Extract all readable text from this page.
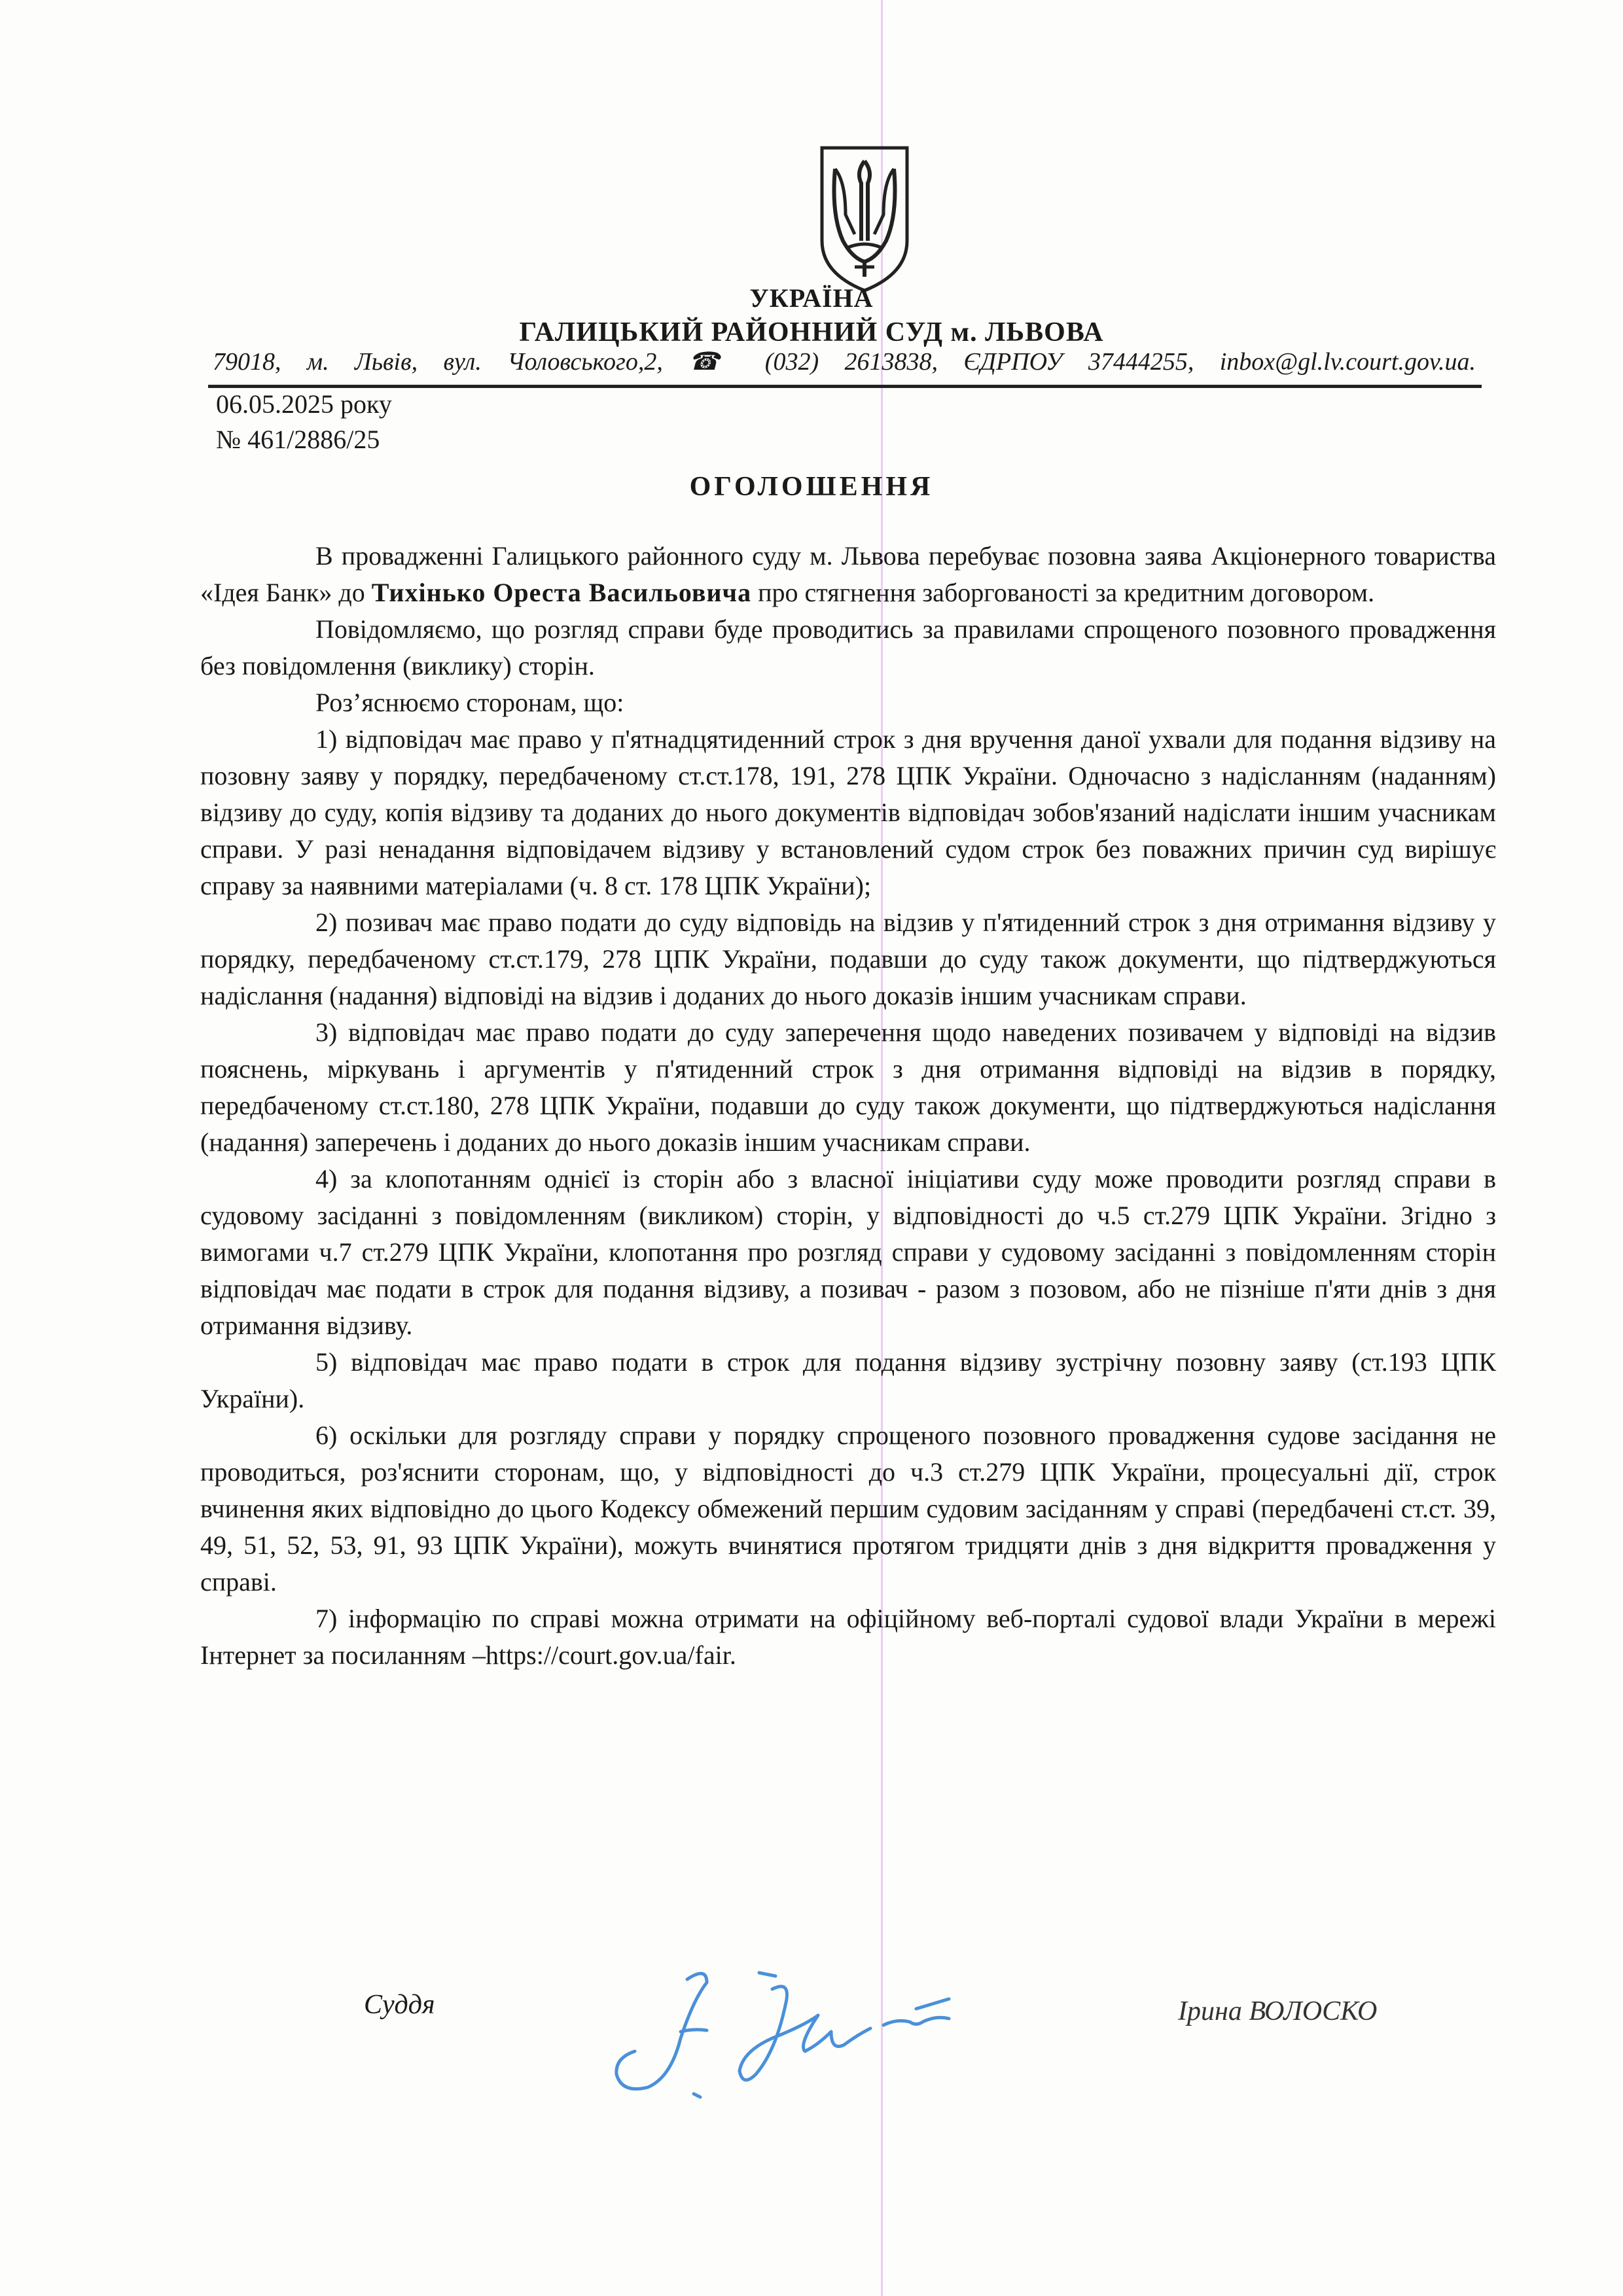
УКРАЇНА
ГАЛИЦЬКИЙ РАЙОННИЙ СУД м. ЛЬВОВА
79018, м. Львів, вул. Чоловського,2, ☎ (032) 2613838, ЄДРПОУ 37444255, inbox@gl.lv.court.gov.ua.
06.05.2025 року
№ 461/2886/25
ОГОЛОШЕННЯ

В провадженні Галицького районного суду м. Львова перебуває позовна заява Акціонерного товариства «Ідея Банк» до Тихінько Ореста Васильовича про стягнення заборгованості за кредитним договором.

Повідомляємо, що розгляд справи буде проводитись за правилами спрощеного позовного провадження без повідомлення (виклику) сторін.

Роз’яснюємо сторонам, що:

1) відповідач має право у п'ятнадцятиденний строк з дня вручення даної ухвали для подання відзиву на позовну заяву у порядку, передбаченому ст.ст.178, 191, 278 ЦПК України. Одночасно з надісланням (наданням) відзиву до суду, копія відзиву та доданих до нього документів відповідач зобов'язаний надіслати іншим учасникам справи. У разі ненадання відповідачем відзиву у встановлений судом строк без поважних причин суд вирішує справу за наявними матеріалами (ч. 8 ст. 178 ЦПК України);

2) позивач має право подати до суду відповідь на відзив у п'ятиденний строк з дня отримання відзиву у порядку, передбаченому ст.ст.179, 278 ЦПК України, подавши до суду також документи, що підтверджуються надіслання (надання) відповіді на відзив і доданих до нього доказів іншим учасникам справи.

3) відповідач має право подати до суду заперечення щодо наведених позивачем у відповіді на відзив пояснень, міркувань і аргументів у п'ятиденний строк з дня отримання відповіді на відзив в порядку, передбаченому ст.ст.180, 278 ЦПК України, подавши до суду також документи, що підтверджуються надіслання (надання) заперечень і доданих до нього доказів іншим учасникам справи.

4) за клопотанням однієї із сторін або з власної ініціативи суду може проводити розгляд справи в судовому засіданні з повідомленням (викликом) сторін, у відповідності до ч.5 ст.279 ЦПК України. Згідно з вимогами ч.7 ст.279 ЦПК України, клопотання про розгляд справи у судовому засіданні з повідомленням сторін відповідач має подати в строк для подання відзиву, а позивач - разом з позовом, або не пізніше п'яти днів з дня отримання відзиву.

5) відповідач має право подати в строк для подання відзиву зустрічну позовну заяву (ст.193 ЦПК України).

6) оскільки для розгляду справи у порядку спрощеного позовного провадження судове засідання не проводиться, роз'яснити сторонам, що, у відповідності до ч.3 ст.279 ЦПК України, процесуальні дії, строк вчинення яких відповідно до цього Кодексу обмежений першим судовим засіданням у справі (передбачені ст.ст. 39, 49, 51, 52, 53, 91, 93 ЦПК України), можуть вчинятися протягом тридцяти днів з дня відкриття провадження у справі.

7) інформацію по справі можна отримати на офіційному веб-порталі судової влади України в мережі Інтернет за посиланням –https://court.gov.ua/fair.

Суддя	Ірина ВОЛОСКО
